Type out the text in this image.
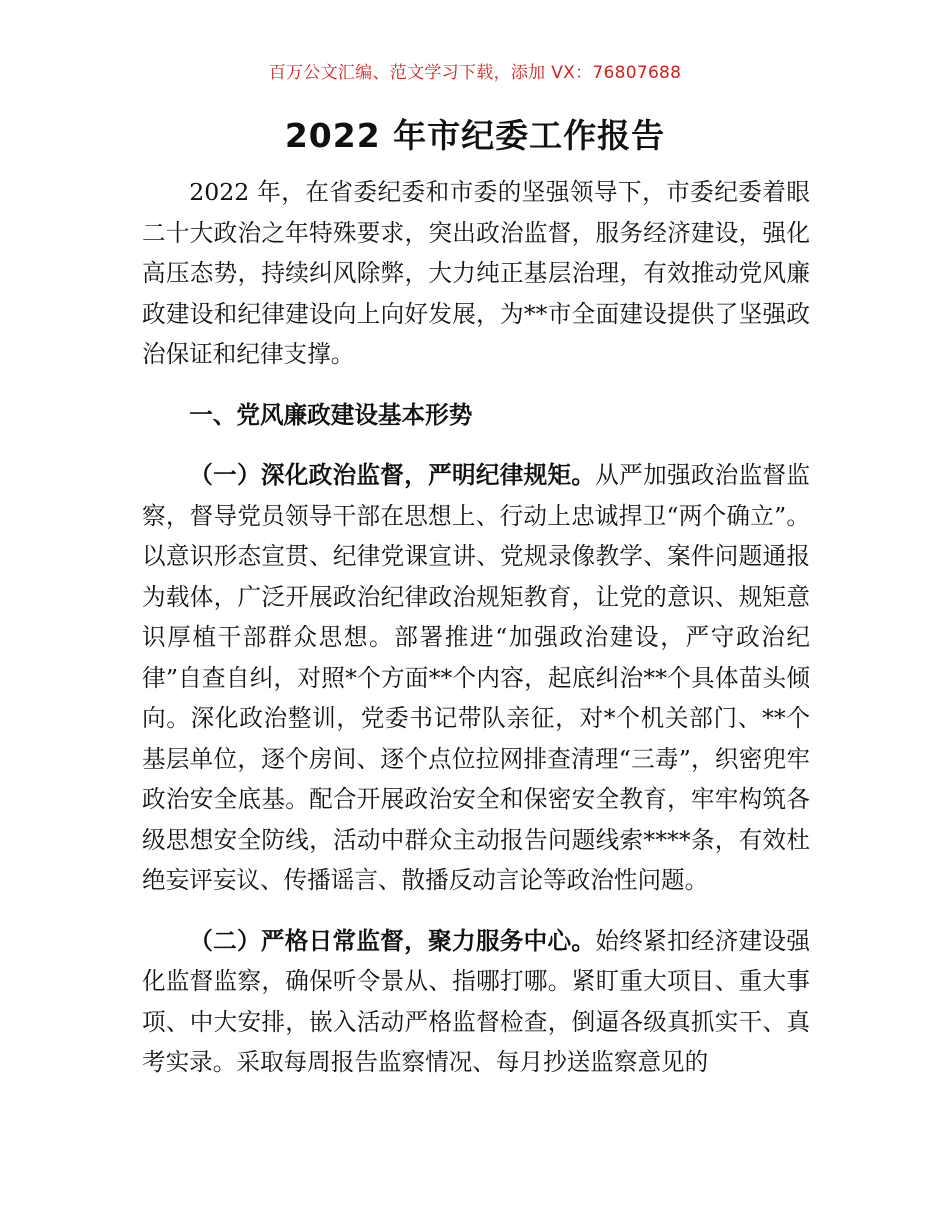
百万公文汇编、范文学习下载，添加 VX：76807688
2022 年市纪委工作报告

2022 年，在省委纪委和市委的坚强领导下，市委纪委着眼二十大政治之年特殊要求，突出政治监督，服务经济建设，强化高压态势，持续纠风除弊，大力纯正基层治理，有效推动党风廉政建设和纪律建设向上向好发展，为**市全面建设提供了坚强政治保证和纪律支撑。

一、党风廉政建设基本形势

（一）深化政治监督，严明纪律规矩。从严加强政治监督监察，督导党员领导干部在思想上、行动上忠诚捍卫“两个确立”。以意识形态宣贯、纪律党课宣讲、党规录像教学、案件问题通报为载体，广泛开展政治纪律政治规矩教育，让党的意识、规矩意识厚植干部群众思想。部署推进“加强政治建设，严守政治纪律”自查自纠，对照*个方面**个内容，起底纠治**个具体苗头倾向。深化政治整训，党委书记带队亲征，对*个机关部门、**个基层单位，逐个房间、逐个点位拉网排查清理“三毒”，织密兜牢政治安全底基。配合开展政治安全和保密安全教育，牢牢构筑各级思想安全防线，活动中群众主动报告问题线索****条，有效杜绝妄评妄议、传播谣言、散播反动言论等政治性问题。

（二）严格日常监督，聚力服务中心。始终紧扣经济建设强化监督监察，确保听令景从、指哪打哪。紧盯重大项目、重大事项、中大安排，嵌入活动严格监督检查，倒逼各级真抓实干、真考实录。采取每周报告监察情况、每月抄送监察意见的
